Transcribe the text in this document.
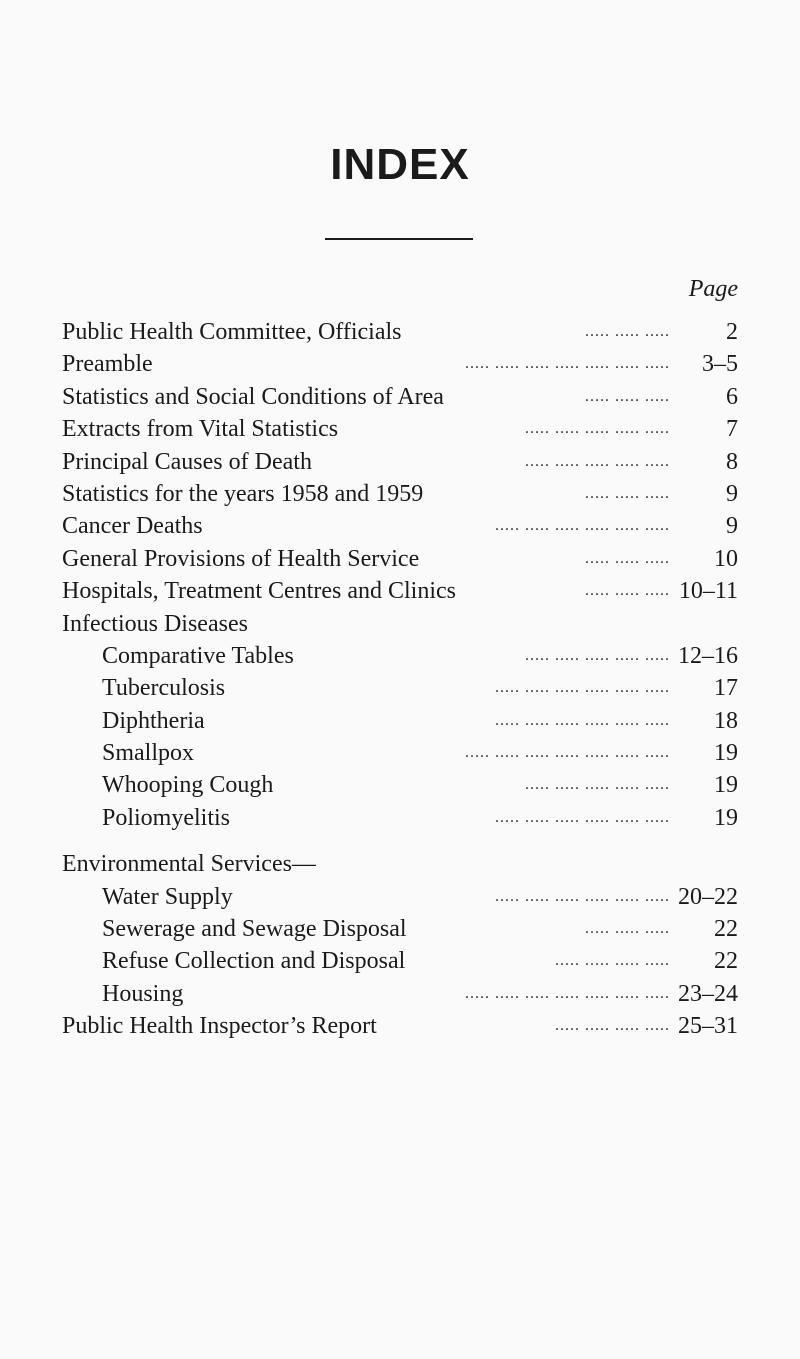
INDEX
Page
Public Health Committee, Officials	..... ..... ..... 2
Preamble	..... ..... ..... ..... ..... ..... ..... 3–5
Statistics and Social Conditions of Area	..... ..... ..... 6
Extracts from Vital Statistics	..... ..... ..... ..... ..... 7
Principal Causes of Death	..... ..... ..... ..... ..... 8
Statistics for the years 1958 and 1959	..... ..... ..... 9
Cancer Deaths	..... ..... ..... ..... ..... ..... 9
General Provisions of Health Service	..... ..... ..... 10
Hospitals, Treatment Centres and Clinics	..... ..... ..... 10–11
Infectious Diseases
Comparative Tables	..... ..... ..... ..... ..... 12–16
Tuberculosis	..... ..... ..... ..... ..... ..... 17
Diphtheria	..... ..... ..... ..... ..... ..... 18
Smallpox	..... ..... ..... ..... ..... ..... ..... 19
Whooping Cough	..... ..... ..... ..... ..... 19
Poliomyelitis	..... ..... ..... ..... ..... ..... 19
Environmental Services—
Water Supply	..... ..... ..... ..... ..... ..... 20–22
Sewerage and Sewage Disposal	..... ..... ..... 22
Refuse Collection and Disposal	..... ..... ..... ..... 22
Housing	..... ..... ..... ..... ..... ..... ..... 23–24
Public Health Inspector’s Report	..... ..... ..... ..... 25–31
